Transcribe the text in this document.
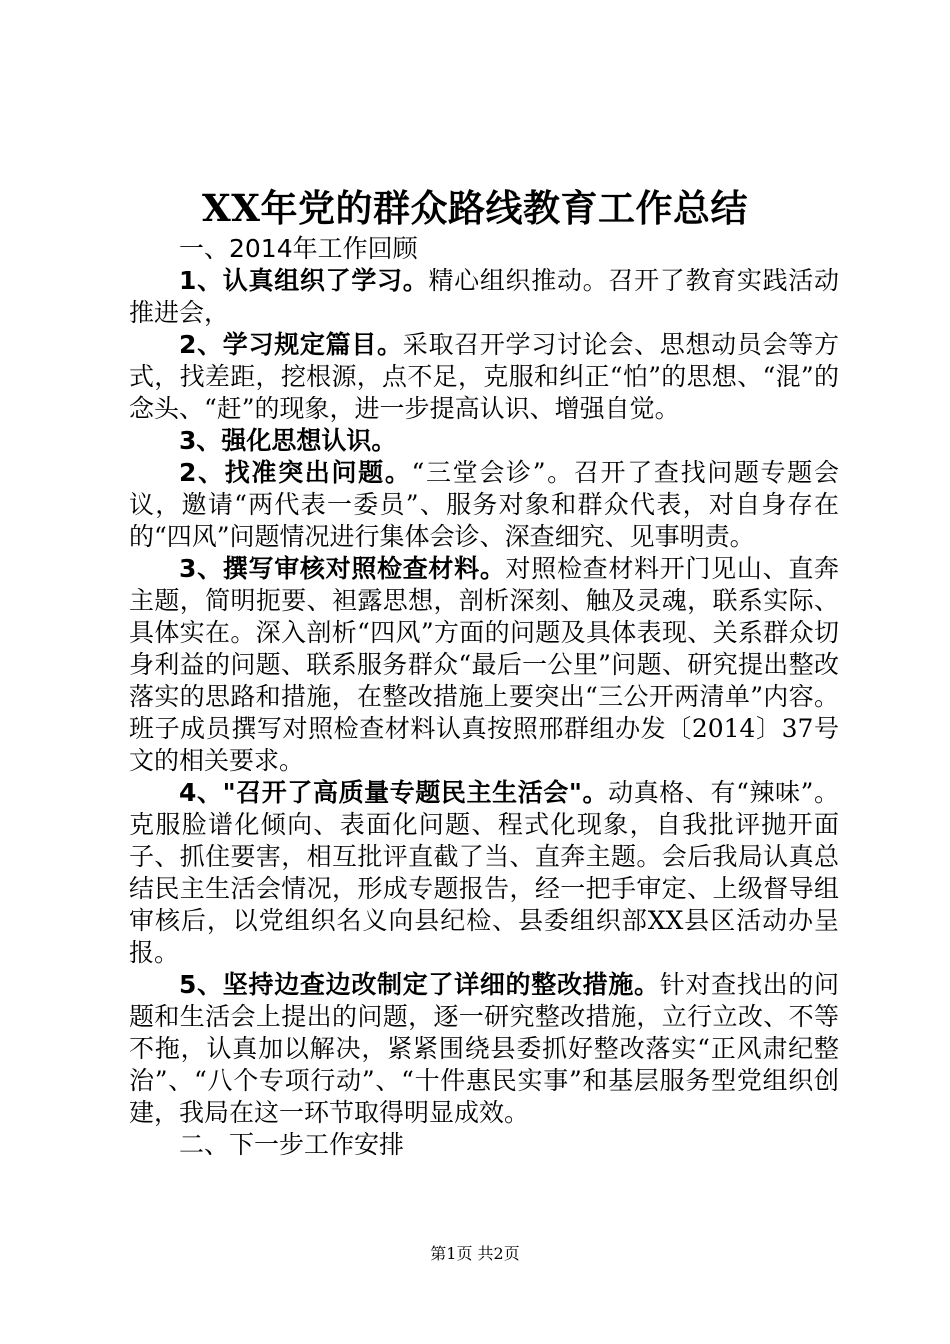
XX年党的群众路线教育工作总结

一、2014年工作回顾

1、认真组织了学习。精心组织推动。召开了教育实践活动推进会，

2、学习规定篇目。采取召开学习讨论会、思想动员会等方式，找差距，挖根源，点不足，克服和纠正“怕”的思想、“混”的念头、“赶”的现象，进一步提高认识、增强自觉。

3、强化思想认识。

2、找准突出问题。“三堂会诊”。召开了查找问题专题会议，邀请“两代表一委员”、服务对象和群众代表，对自身存在的“四风”问题情况进行集体会诊、深查细究、见事明责。

3、撰写审核对照检查材料。对照检查材料开门见山、直奔主题，简明扼要、袒露思想，剖析深刻、触及灵魂，联系实际、具体实在。深入剖析“四风”方面的问题及具体表现、关系群众切身利益的问题、联系服务群众“最后一公里”问题、研究提出整改落实的思路和措施，在整改措施上要突出“三公开两清单”内容。班子成员撰写对照检查材料认真按照邢群组办发〔2014〕37号文的相关要求。

4、"召开了高质量专题民主生活会"。动真格、有“辣味”。克服脸谱化倾向、表面化问题、程式化现象，自我批评抛开面子、抓住要害，相互批评直截了当、直奔主题。会后我局认真总结民主生活会情况，形成专题报告，经一把手审定、上级督导组审核后，以党组织名义向县纪检、县委组织部XX县区活动办呈报。

5、坚持边查边改制定了详细的整改措施。针对查找出的问题和生活会上提出的问题，逐一研究整改措施，立行立改、不等不拖，认真加以解决，紧紧围绕县委抓好整改落实“正风肃纪整治”、“八个专项行动”、“十件惠民实事”和基层服务型党组织创建，我局在这一环节取得明显成效。

二、下一步工作安排

第1页 共2页
